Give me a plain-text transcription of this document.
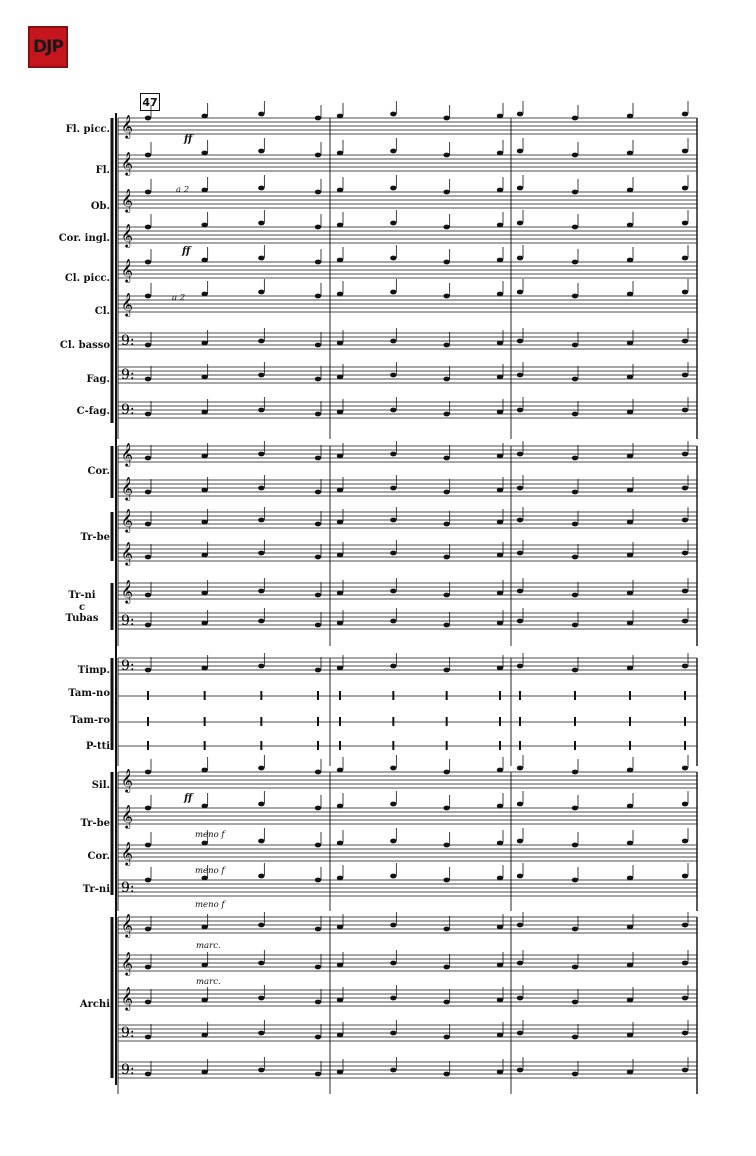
DJP
47
Fl. picc.
Fl.
Ob.
Cor. ingl.
Cl. picc.
Cl.
Cl. basso
Fag.
C-fag.
Cor.
Tr-be
Tr-ni
c
Tubas
Timp.
Tam-no
Tam-ro
P-tti
Sil.
Tr-be
Cor.
Tr-ni
Archi
ff
a 2
ff
a 2
ff
meno f
meno f
meno f
marc.
marc.
𝄞
𝄞
𝄞
𝄞
𝄞
𝄞
9:
9:
9:
𝄞
𝄞
𝄞
𝄞
𝄞
9:
9:
𝄞
𝄞
𝄞
9:
𝄞
𝄞
𝄞
9:
9:
